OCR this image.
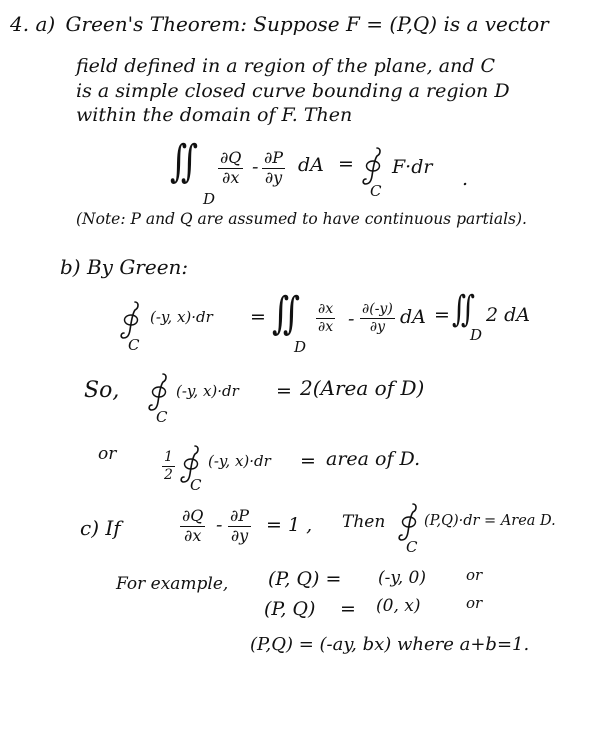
4. a) Green's Theorem: Suppose F = (P,Q) is a vector
field defined in a region of the plane, and C
is a simple closed curve bounding a region D
within the domain of F. Then
∬
D
$\frac{\partial Q}{\partial x} - \frac{\partial P}{\partial y}$ dA =
C
F·dr
.
(Note: P and Q are assumed to have continuous partials).
b) By Green:
C
(-y, x)·dr = ∬
D
$\frac{\partial x}{\partial x} - \frac{\partial(-y)}{\partial y}$ dA = ∬
D
2 dA
So,
C
(-y, x)·dr = 2(Area of D)
or	$\frac{1}{2}$
C
(-y, x)·dr = area of D.
c) If	$\frac{\partial Q}{\partial x} - \frac{\partial P}{\partial y} = 1$ , Then
C
(P,Q)·dr = Area D.
For example, (P, Q) = (-y, 0)	or
(P, Q) = (0, x)	or
(P,Q) = (-ay, bx) where a+b=1.
